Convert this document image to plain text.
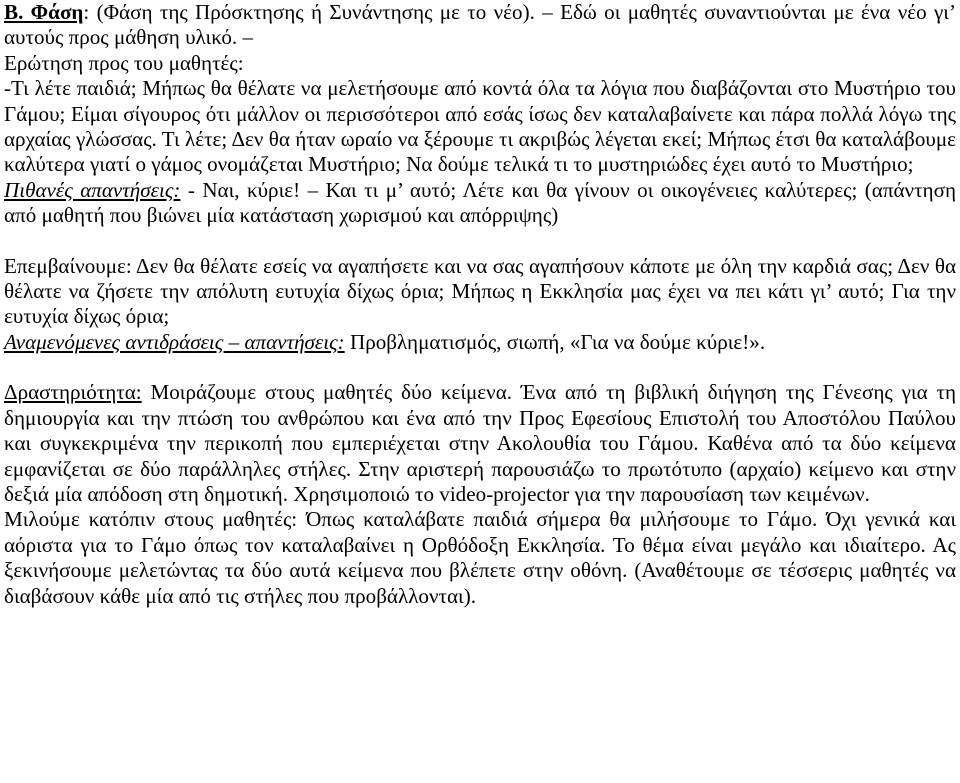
Β. Φάση: (Φάση της Πρόσκτησης ή Συνάντησης με το νέο). – Εδώ οι μαθητές συναντιούνται με ένα νέο γι’ αυτούς προς μάθηση υλικό. –

Ερώτηση προς του μαθητές:

-Τι λέτε παιδιά; Μήπως θα θέλατε να μελετήσουμε από κοντά όλα τα λόγια που διαβάζονται στο Μυστήριο του Γάμου; Είμαι σίγουρος ότι μάλλον οι περισσότεροι από εσάς ίσως δεν καταλαβαίνετε και πάρα πολλά λόγω της αρχαίας γλώσσας. Τι λέτε; Δεν θα ήταν ωραίο να ξέρουμε τι ακριβώς λέγεται εκεί; Μήπως έτσι θα καταλάβουμε καλύτερα γιατί ο γάμος ονομάζεται Μυστήριο; Να δούμε τελικά τι το μυστηριώδες έχει αυτό το Μυστήριο;

Πιθανές απαντήσεις: - Ναι, κύριε! – Και τι μ’ αυτό; Λέτε και θα γίνουν οι οικογένειες καλύτερες; (απάντηση από μαθητή που βιώνει μία κατάσταση χωρισμού και απόρριψης)

Επεμβαίνουμε: Δεν θα θέλατε εσείς να αγαπήσετε και να σας αγαπήσουν κάποτε με όλη την καρδιά σας; Δεν θα θέλατε να ζήσετε την απόλυτη ευτυχία δίχως όρια; Μήπως η Εκκλησία μας έχει να πει κάτι γι’ αυτό; Για την ευτυχία δίχως όρια;

Αναμενόμενες αντιδράσεις – απαντήσεις: Προβληματισμός, σιωπή, «Για να δούμε κύριε!».

Δραστηριότητα: Μοιράζουμε στους μαθητές δύο κείμενα. Ένα από τη βιβλική διήγηση της Γένεσης για τη δημιουργία και την πτώση του ανθρώπου και ένα από την Προς Εφεσίους Επιστολή του Αποστόλου Παύλου και συγκεκριμένα την περικοπή που εμπεριέχεται στην Ακολουθία του Γάμου. Καθένα από τα δύο κείμενα εμφανίζεται σε δύο παράλληλες στήλες. Στην αριστερή παρουσιάζω το πρωτότυπο (αρχαίο) κείμενο και στην δεξιά μία απόδοση στη δημοτική. Χρησιμοποιώ το video-projector για την παρουσίαση των κειμένων.

Μιλούμε κατόπιν στους μαθητές: Όπως καταλάβατε παιδιά σήμερα θα μιλήσουμε το Γάμο. Όχι γενικά και αόριστα για το Γάμο όπως τον καταλαβαίνει η Ορθόδοξη Εκκλησία. Το θέμα είναι μεγάλο και ιδιαίτερο. Ας ξεκινήσουμε μελετώντας τα δύο αυτά κείμενα που βλέπετε στην οθόνη. (Αναθέτουμε σε τέσσερις μαθητές να διαβάσουν κάθε μία από τις στήλες που προβάλλονται).
